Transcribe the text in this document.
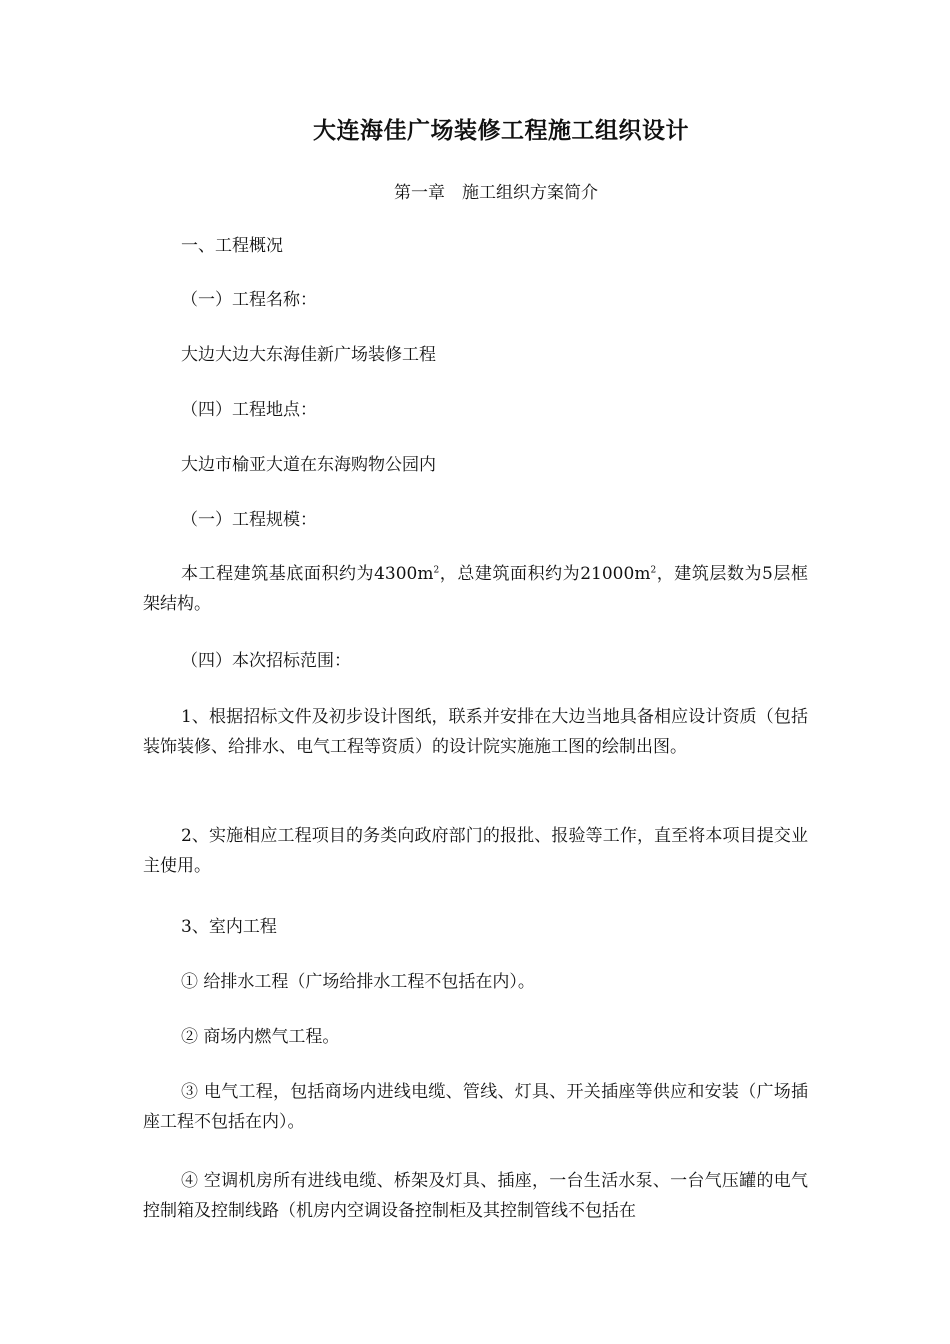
大连海佳广场装修工程施工组织设计
第一章　施工组织方案简介

一、工程概况

（一）工程名称：

大边大边大东海佳新广场装修工程

（四）工程地点：

大边市榆亚大道在东海购物公园内

（一）工程规模：

本工程建筑基底面积约为$4300m^2$，总建筑面积约为$21000m^2$，建筑层数为5层框架结构。

（四）本次招标范围：

1、根据招标文件及初步设计图纸，联系并安排在大边当地具备相应设计资质（包括装饰装修、给排水、电气工程等资质）的设计院实施施工图的绘制出图。

2、实施相应工程项目的务类向政府部门的报批、报验等工作，直至将本项目提交业主使用。

3、室内工程

① 给排水工程（广场给排水工程不包括在内）。

② 商场内燃气工程。

③ 电气工程，包括商场内进线电缆、管线、灯具、开关插座等供应和安装（广场插座工程不包括在内）。

④ 空调机房所有进线电缆、桥架及灯具、插座，一台生活水泵、一台气压罐的电气控制箱及控制线路（机房内空调设备控制柜及其控制管线不包括在
